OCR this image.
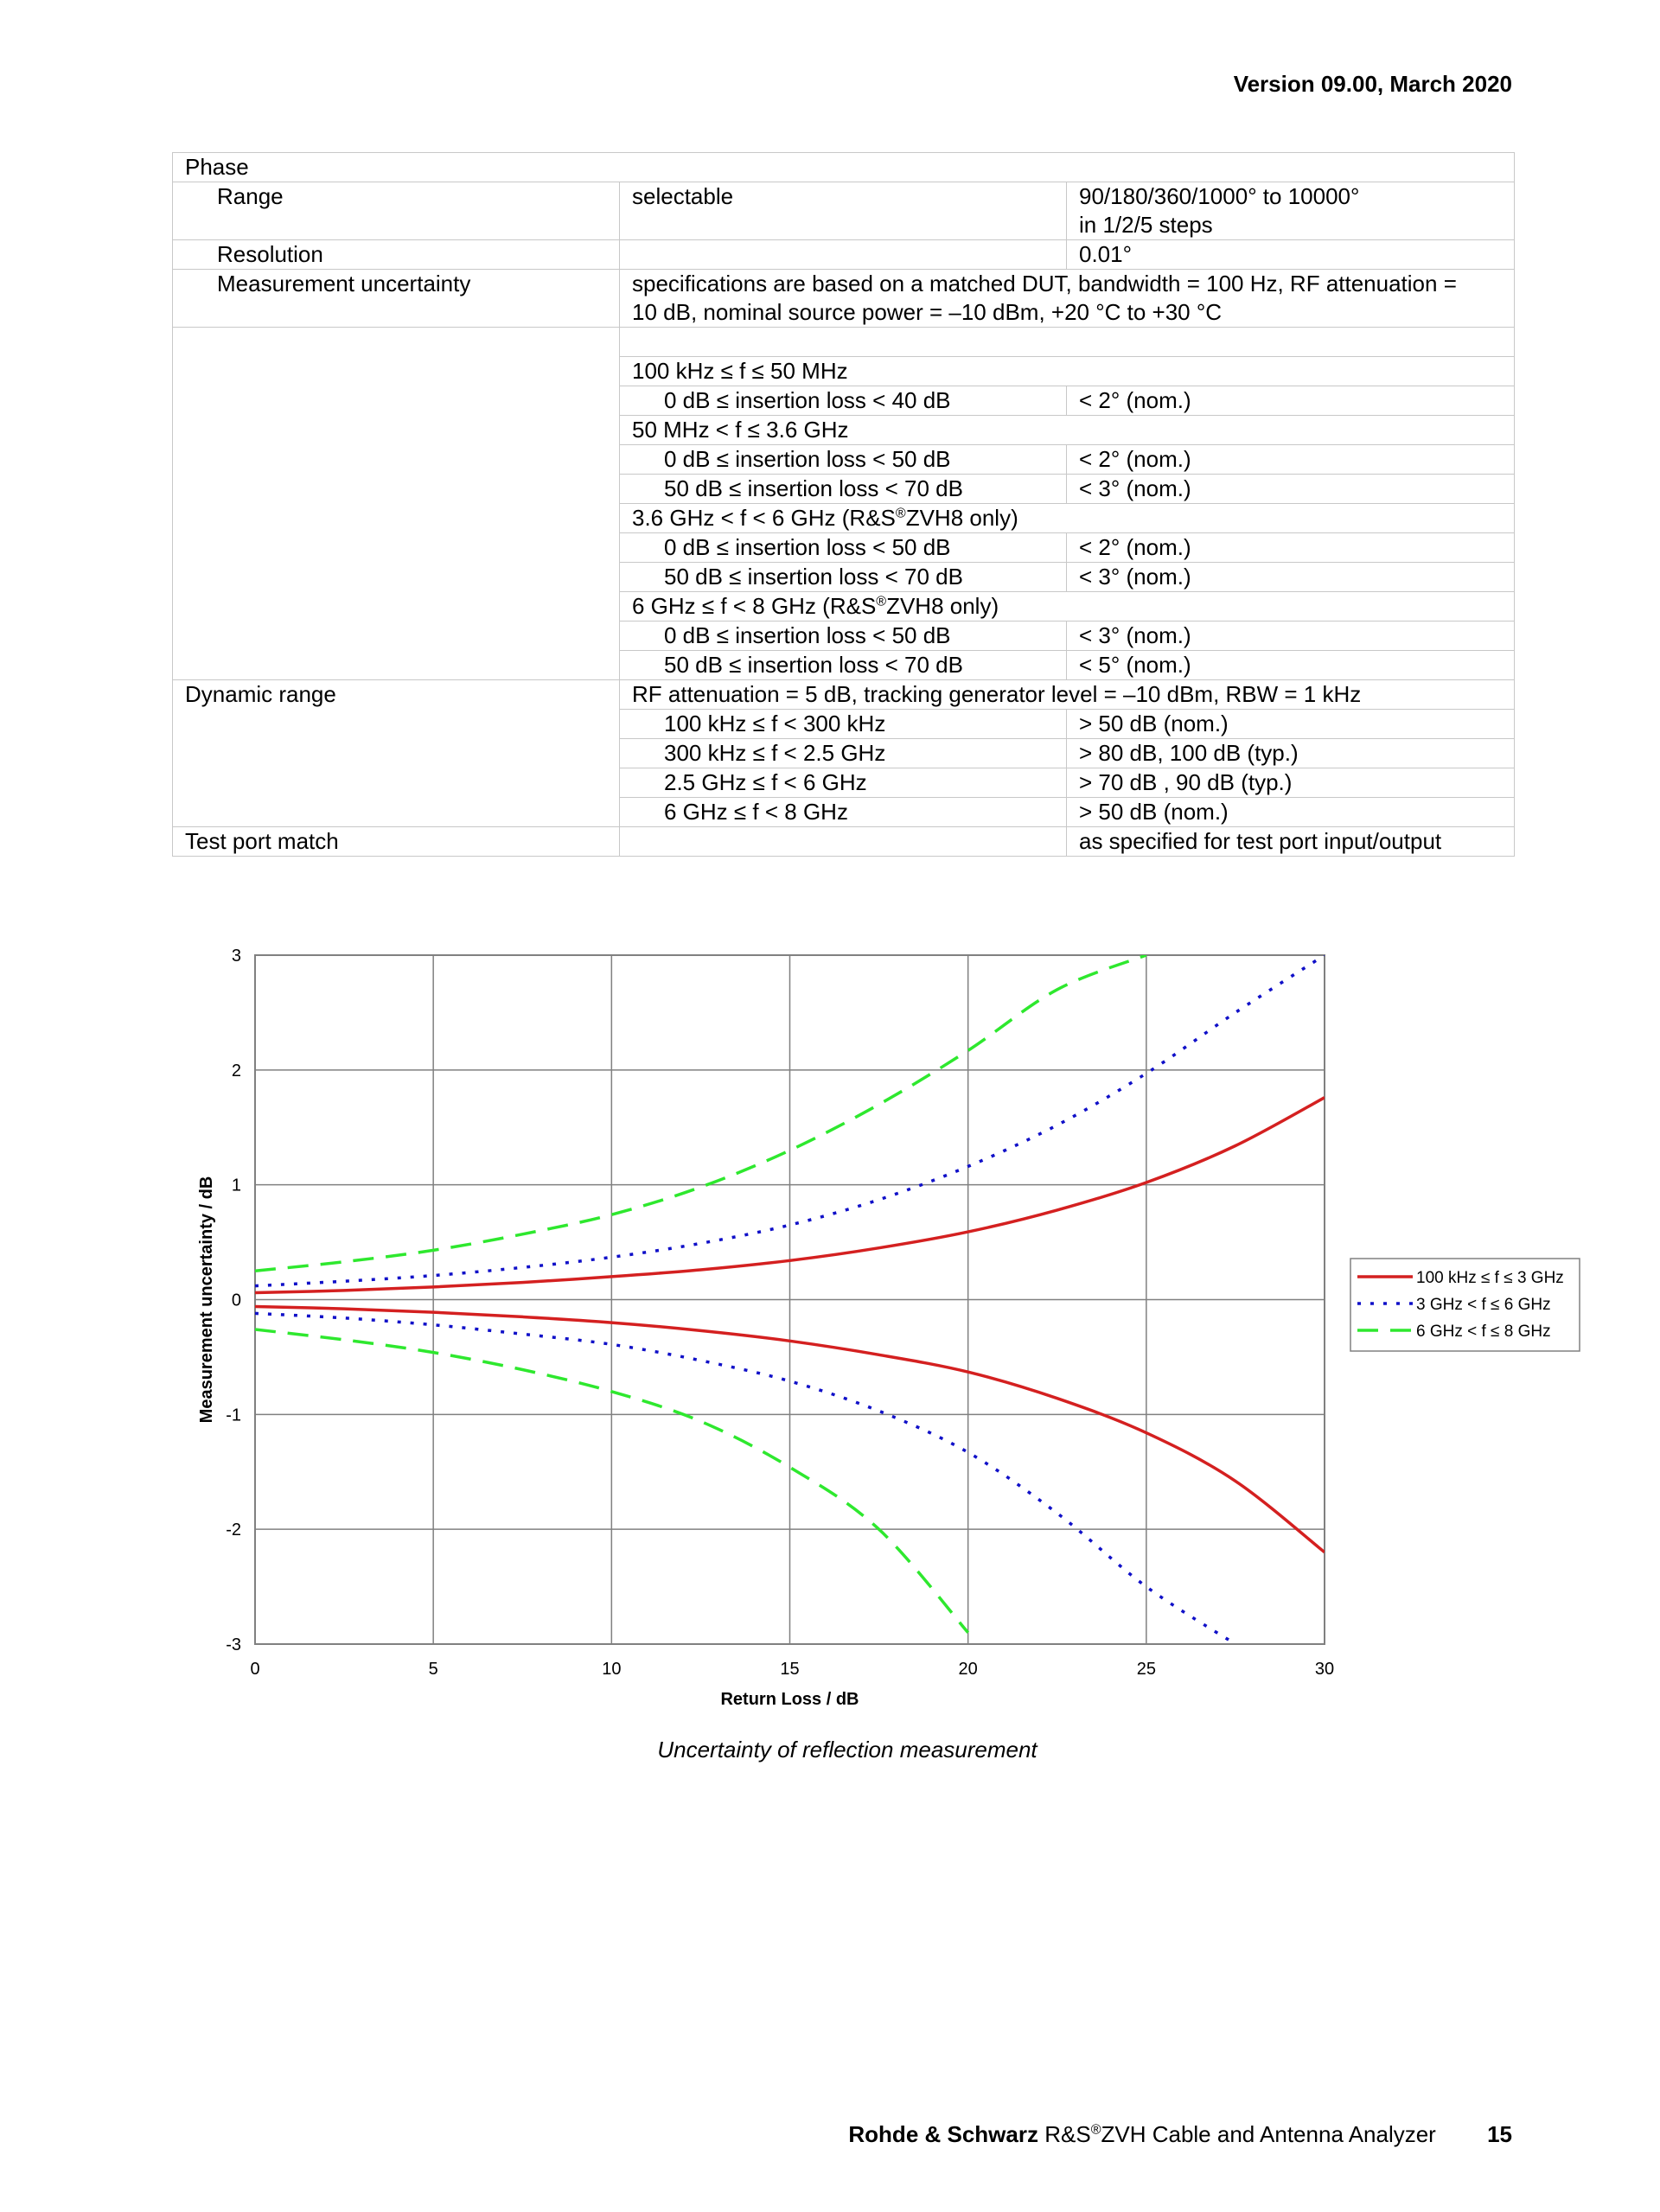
Version 09.00, March 2020
Phase		
Range	selectable	90/180/360/1000° to 10000°
in 1/2/5 steps
Resolution		0.01°
Measurement uncertainty	specifications are based on a matched DUT, bandwidth = 100 Hz, RF attenuation =
10 dB, nominal source power = –10 dBm, +20 °C to +30 °C	

	100 kHz ≤ f ≤ 50 MHz	
	0 dB ≤ insertion loss < 40 dB	< 2° (nom.)
	50 MHz < f ≤ 3.6 GHz	
	0 dB ≤ insertion loss < 50 dB	< 2° (nom.)
	50 dB ≤ insertion loss < 70 dB	< 3° (nom.)
	3.6 GHz < f < 6 GHz (R&S®ZVH8 only)	
	0 dB ≤ insertion loss < 50 dB	< 2° (nom.)
	50 dB ≤ insertion loss < 70 dB	< 3° (nom.)
	6 GHz ≤ f < 8 GHz (R&S®ZVH8 only)	
	0 dB ≤ insertion loss < 50 dB	< 3° (nom.)
	50 dB ≤ insertion loss < 70 dB	< 5° (nom.)
Dynamic range	RF attenuation = 5 dB, tracking generator level = –10 dBm, RBW = 1 kHz	
	100 kHz ≤ f < 300 kHz	> 50 dB (nom.)
	300 kHz ≤ f < 2.5 GHz	> 80 dB, 100 dB (typ.)
	2.5 GHz ≤ f < 6 GHz	> 70 dB , 90 dB (typ.)
	6 GHz ≤ f < 8 GHz	> 50 dB (nom.)
Test port match		as specified for test port input/output
0	5	10	15	20	25	30
3
2
1
0
-1
-2
-3
Return Loss / dB
Measurement uncertainty / dB	100 kHz ≤ f ≤ 3 GHz
3 GHz < f ≤ 6 GHz
6 GHz < f ≤ 8 GHz
Uncertainty of reflection measurement
Rohde & Schwarz R&S®ZVH Cable and Antenna Analyzer 15
